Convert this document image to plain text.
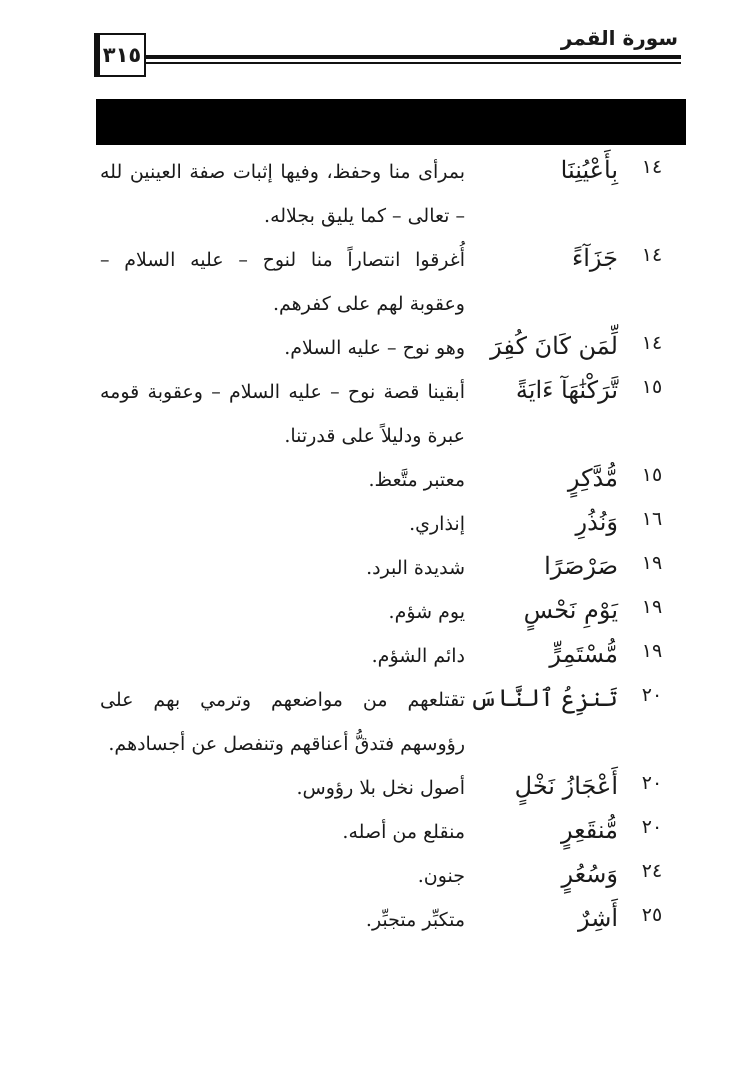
٣١٥
سورة القمر
١٤
بِأَعْيُنِنَا
بمرأى منا وحفظ، وفيها إثبات صفة العينين لله – تعالى – كما يليق بجلاله.
١٤
جَزَآءً
أُغرقوا انتصاراً منا لنوح – عليه السلام – وعقوبة لهم على كفرهم.
١٤
لِّمَن كَانَ كُفِرَ
وهو نوح – عليه السلام.
١٥
تَّرَكْنَٰهَآ ءَايَةً
أبقينا قصة نوح – عليه السلام – وعقوبة قومه عبرة ودليلاً على قدرتنا.
١٥
مُّدَّكِرٍ
معتبر متَّعظ.
١٦
وَنُذُرِ
إنذاري.
١٩
صَرْصَرًا
شديدة البرد.
١٩
يَوْمِ نَحْسٍ
يوم شؤم.
١٩
مُّسْتَمِرٍّ
دائم الشؤم.
٢٠
تَنزِعُ ٱلنَّاسَ
تقتلعهم من مواضعهم وترمي بهم على رؤوسهم فتدقُّ أعناقهم وتنفصل عن أجسادهم.
٢٠
أَعْجَازُ نَخْلٍ
أصول نخل بلا رؤوس.
٢٠
مُّنقَعِرٍ
منقلع من أصله.
٢٤
وَسُعُرٍ
جنون.
٢٥
أَشِرٌ
متكبِّر متجبِّر.
